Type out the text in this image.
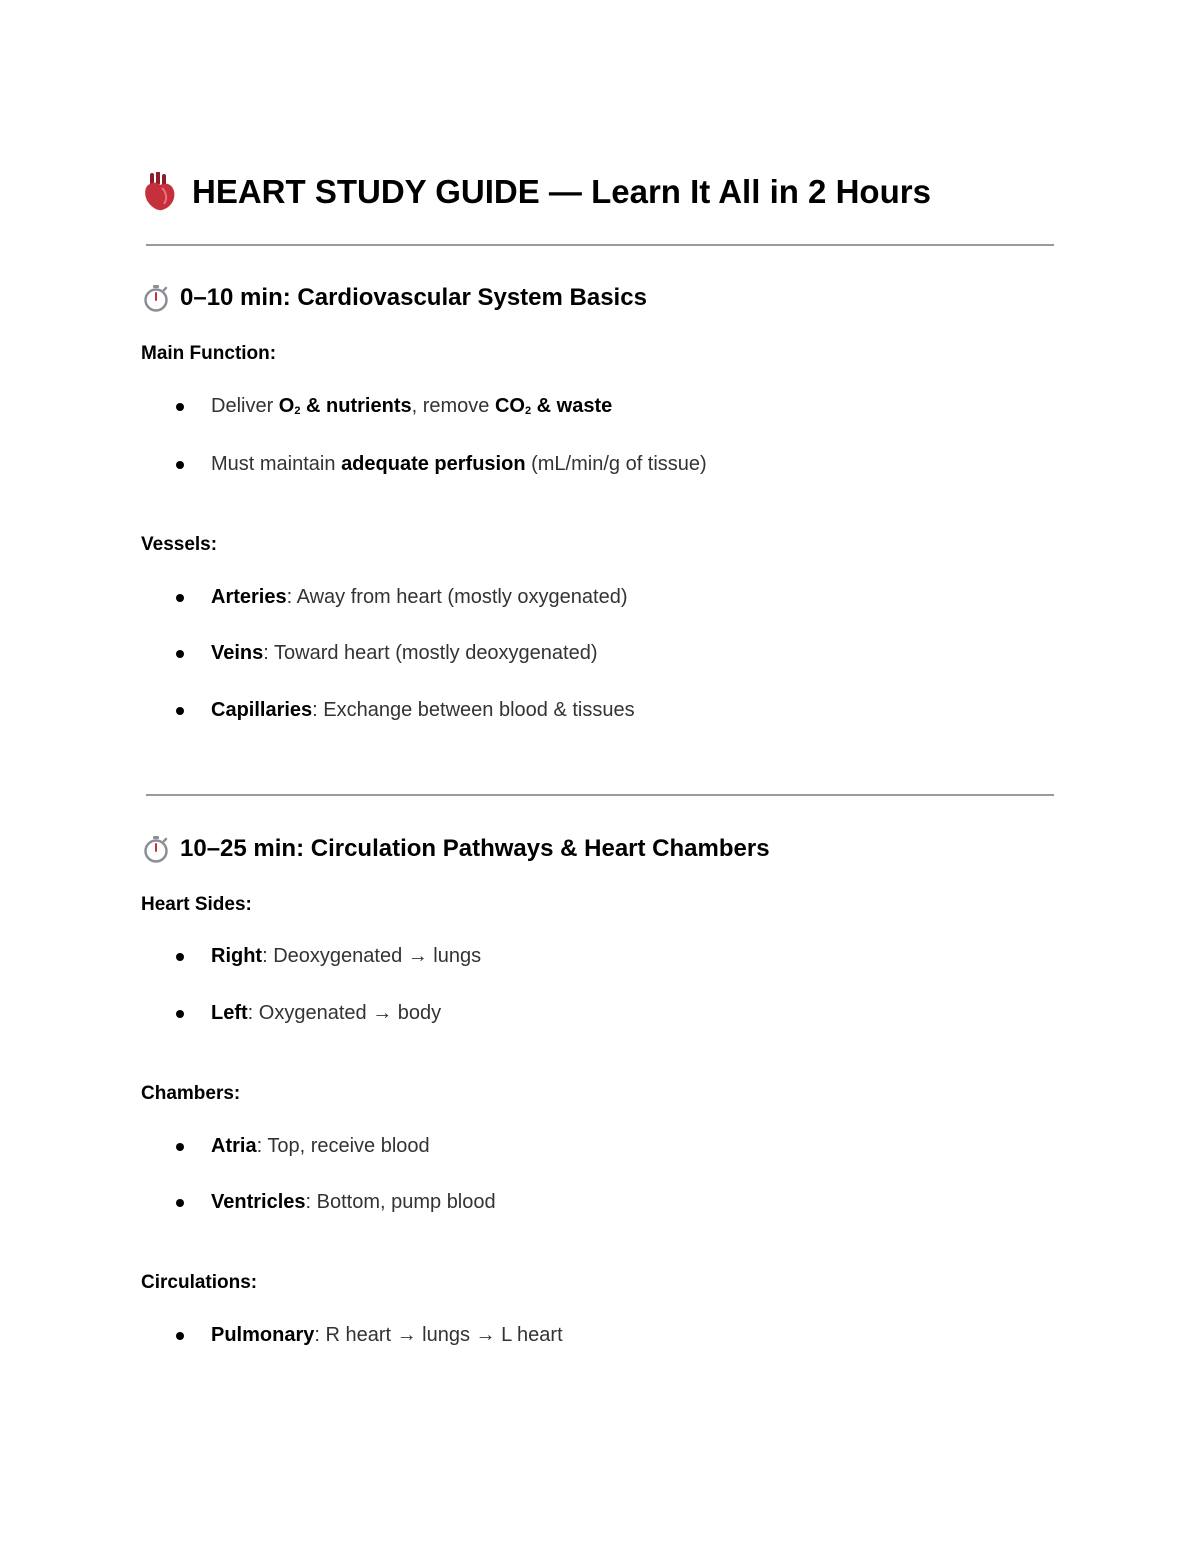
HEART STUDY GUIDE — Learn It All in 2 Hours
0–10 min: Cardiovascular System Basics
Main Function:
Deliver O2 & nutrients, remove CO2 & waste
Must maintain adequate perfusion (mL/min/g of tissue)
Vessels:
Arteries: Away from heart (mostly oxygenated)
Veins: Toward heart (mostly deoxygenated)
Capillaries: Exchange between blood & tissues
10–25 min: Circulation Pathways & Heart Chambers
Heart Sides:
Right: Deoxygenated → lungs
Left: Oxygenated → body
Chambers:
Atria: Top, receive blood
Ventricles: Bottom, pump blood
Circulations:
Pulmonary: R heart → lungs → L heart
